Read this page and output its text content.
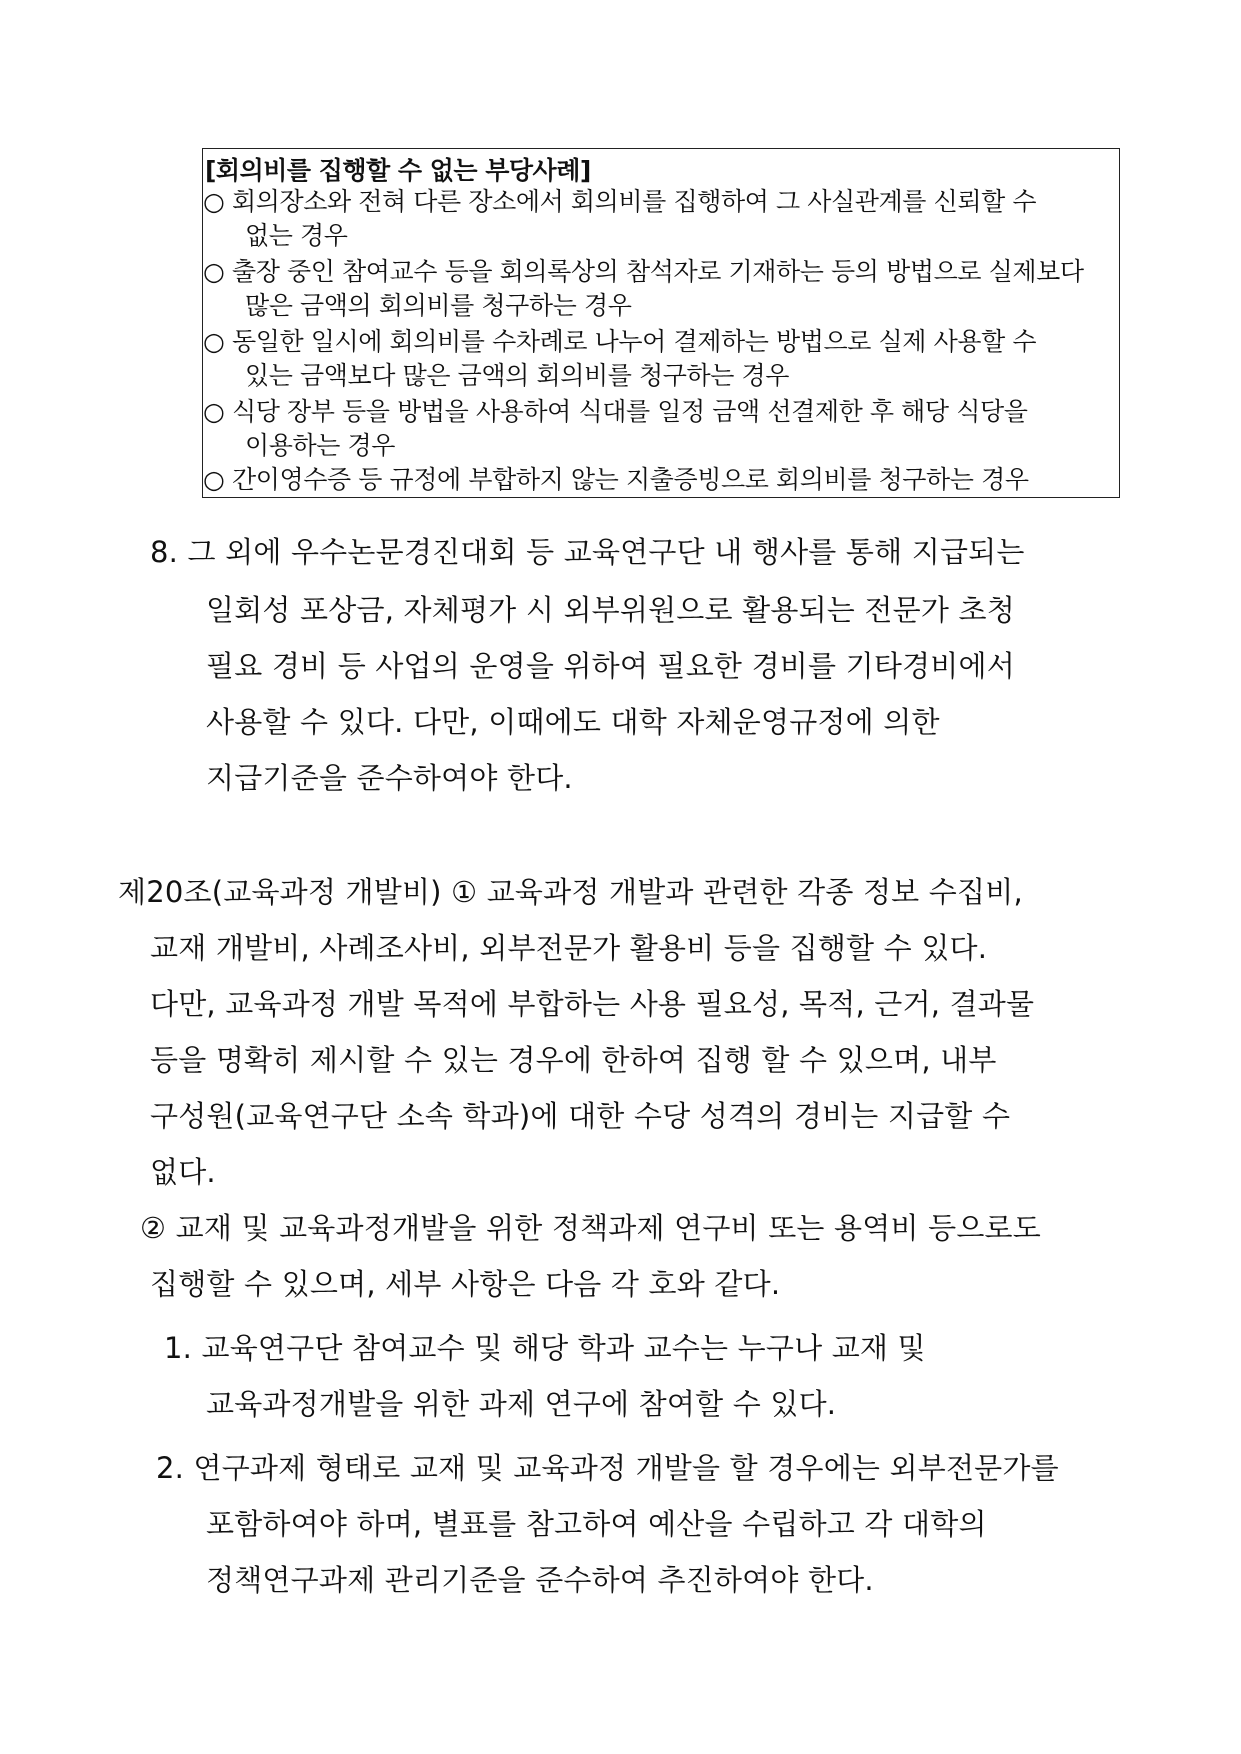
[회의비를 집행할 수 없는 부당사례]
○ 회의장소와 전혀 다른 장소에서 회의비를 집행하여 그 사실관계를 신뢰할 수
없는 경우
○ 출장 중인 참여교수 등을 회의록상의 참석자로 기재하는 등의 방법으로 실제보다
많은 금액의 회의비를 청구하는 경우
○ 동일한 일시에 회의비를 수차례로 나누어 결제하는 방법으로 실제 사용할 수
있는 금액보다 많은 금액의 회의비를 청구하는 경우
○ 식당 장부 등을 방법을 사용하여 식대를 일정 금액 선결제한 후 해당 식당을
이용하는 경우
○ 간이영수증 등 규정에 부합하지 않는 지출증빙으로 회의비를 청구하는 경우
8. 그 외에 우수논문경진대회 등 교육연구단 내 행사를 통해 지급되는
일회성 포상금, 자체평가 시 외부위원으로 활용되는 전문가 초청
필요 경비 등 사업의 운영을 위하여 필요한 경비를 기타경비에서
사용할 수 있다. 다만, 이때에도 대학 자체운영규정에 의한
지급기준을 준수하여야 한다.
제20조(교육과정 개발비) ① 교육과정 개발과 관련한 각종 정보 수집비,
교재 개발비, 사례조사비, 외부전문가 활용비 등을 집행할 수 있다.
다만, 교육과정 개발 목적에 부합하는 사용 필요성, 목적, 근거, 결과물
등을 명확히 제시할 수 있는 경우에 한하여 집행 할 수 있으며, 내부
구성원(교육연구단 소속 학과)에 대한 수당 성격의 경비는 지급할 수
없다.
② 교재 및 교육과정개발을 위한 정책과제 연구비 또는 용역비 등으로도
집행할 수 있으며, 세부 사항은 다음 각 호와 같다.
1. 교육연구단 참여교수 및 해당 학과 교수는 누구나 교재 및
교육과정개발을 위한 과제 연구에 참여할 수 있다.
2. 연구과제 형태로 교재 및 교육과정 개발을 할 경우에는 외부전문가를
포함하여야 하며, 별표를 참고하여 예산을 수립하고 각 대학의
정책연구과제 관리기준을 준수하여 추진하여야 한다.
